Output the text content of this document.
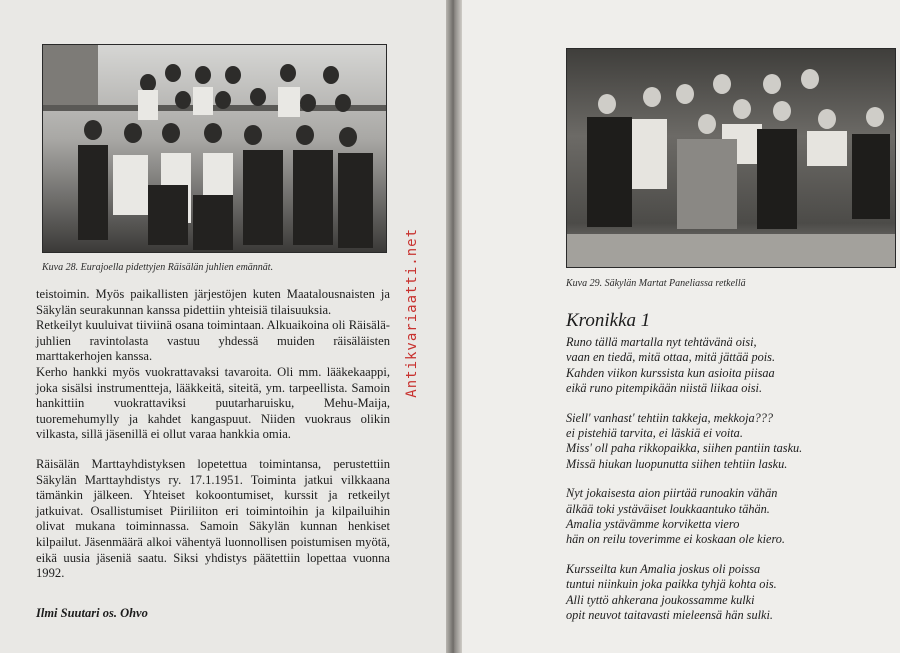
Kuva 28. Eurajoella pidettyjen Räisälän juhlien emännät.

teistoimin. Myös paikallisten järjestöjen kuten Maatalousnaisten ja Säkylän seurakunnan kanssa pidettiin yhteisiä tilaisuuksia.

Retkeilyt kuuluivat tiiviinä osana toimintaan. Alkuaikoina oli Räisälä-juhlien ravintolasta vastuu yhdessä muiden räisäläisten marttakerhojen kanssa.

Kerho hankki myös vuokrattavaksi tavaroita. Oli mm. lääkekaappi, joka sisälsi instrumentteja, lääkkeitä, siteitä, ym. tarpeellista. Samoin hankittiin vuokrattaviksi puutarharuisku, Mehu-Maija, tuoremehumylly ja kahdet kangaspuut. Niiden vuokraus olikin vilkasta, sillä jäsenillä ei ollut varaa hankkia omia.

Räisälän Marttayhdistyksen lopetettua toimintansa, perustettiin Säkylän Marttayhdistys ry. 17.1.1951. Toiminta jatkui vilkkaana tämänkin jälkeen. Yhteiset kokoontumiset, kurssit ja retkeilyt jatkuivat. Osallistumiset Piiriliiton eri toimintoihin ja kilpailuihin olivat mukana toiminnassa. Samoin Säkylän kunnan henkiset kilpailut. Jäsenmäärä alkoi vähentyä luonnollisen poistumisen myötä, eikä uusia jäseniä saatu. Siksi yhdistys päätettiin lopettaa vuonna 1992.

Ilmi Suutari os. Ohvo
Antikvariaatti.net	Kuva 29. Säkylän Martat Paneliassa retkellä
Kronikka 1
Runo tällä martalla nyt tehtävänä oisi,
vaan en tiedä, mitä ottaa, mitä jättää pois.
Kahden viikon kurssista kun asioita piisaa
eikä runo pitempikään niistä liikaa oisi.
Siell' vanhast' tehtiin takkeja, mekkoja???
ei pistehiä tarvita, ei läskiä ei voita.
Miss' oll paha rikkopaikka, siihen pantiin tasku.
Missä hiukan luopunutta siihen tehtiin lasku.
Nyt jokaisesta aion piirtää runoakin vähän
älkää toki ystäväiset loukkaantuko tähän.
Amalia ystävämme korviketta viero
hän on reilu toverimme ei koskaan ole kiero.
Kursseilta kun Amalia joskus oli poissa
tuntui niinkuin joka paikka tyhjä kohta ois.
Alli tyttö ahkerana joukossamme kulki
opit neuvot taitavasti mieleensä hän sulki.
